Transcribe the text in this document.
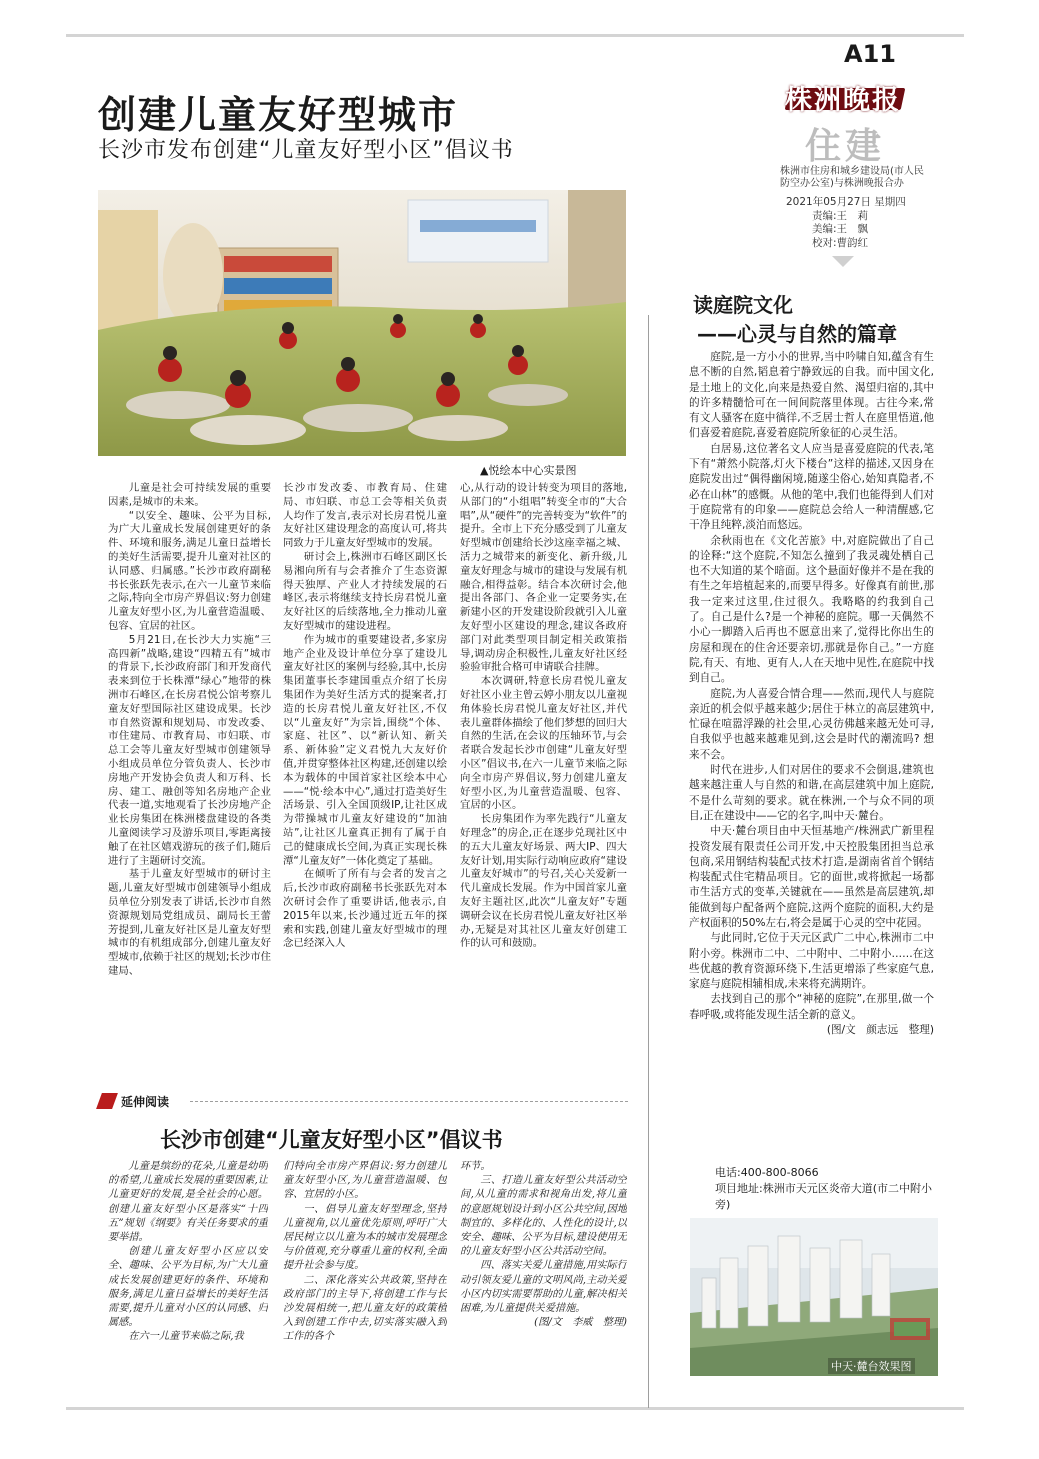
A11
株洲晚报
住建
株洲市住房和城乡建设局(市人民防空办公室)与株洲晚报合办
2021年05月27日 星期四
责编:王　莉
美编:王　飘
校对:曹韵红
创建儿童友好型城市
长沙市发布创建“儿童友好型小区”倡议书
▲悦绘本中心实景图

儿童是社会可持续发展的重要因素,是城市的未来。

“以安全、趣味、公平为目标,为广大儿童成长发展创建更好的条件、环境和服务,满足儿童日益增长的美好生活需要,提升儿童对社区的认同感、归属感。”长沙市政府副秘书长张跃先表示,在六一儿童节来临之际,特向全市房产界倡议:努力创建儿童友好型小区,为儿童营造温暖、包容、宜居的社区。

5月21日,在长沙大力实施“三高四新”战略,建设“四精五有”城市的背景下,长沙政府部门和开发商代表来到位于长株潭“绿心”地带的株洲市石峰区,在长房君悦公馆考察儿童友好型国际社区建设成果。长沙市自然资源和规划局、市发改委、市住建局、市教育局、市妇联、市总工会等儿童友好型城市创建领导小组成员单位分管负责人、长沙市房地产开发协会负责人和万科、长房、建工、融创等知名房地产企业代表一道,实地观看了长沙房地产企业长房集团在株洲楼盘建设的各类儿童阅读学习及游乐项目,零距离接触了在社区嬉戏游玩的孩子们,随后进行了主题研讨交流。

基于儿童友好型城市的研讨主题,儿童友好型城市创建领导小组成员单位分别发表了讲话,长沙市自然资源规划局党组成员、副局长王蕾芳提到,儿童友好社区是儿童友好型城市的有机组成部分,创建儿童友好型城市,依赖于社区的规划;长沙市住建局、

长沙市发改委、市教育局、住建局、市妇联、市总工会等相关负责人均作了发言,表示对长房君悦儿童友好社区建设理念的高度认可,将共同致力于儿童友好型城市的发展。

研讨会上,株洲市石峰区副区长易湘向所有与会者推介了生态资源得天独厚、产业人才持续发展的石峰区,表示将继续支持长房君悦儿童友好社区的后续落地,全力推动儿童友好型城市的建设进程。

作为城市的重要建设者,多家房地产企业及设计单位分享了建设儿童友好社区的案例与经验,其中,长房集团董事长李建国重点介绍了长房集团作为美好生活方式的提案者,打造的长房君悦儿童友好社区,不仅以“儿童友好”为宗旨,围绕“个体、家庭、社区”、以“新认知、新关系、新体验”定义君悦九大友好价值,并贯穿整体社区构建,还创建以绘本为载体的中国首家社区绘本中心——“悦·绘本中心”,通过打造美好生活场景、引入全国顶级IP,让社区成为带操城市儿童友好建设的“加油站”,让社区儿童真正拥有了属于自己的健康成长空间,为真正实现长株潭“儿童友好”一体化奠定了基础。

在倾听了所有与会者的发言之后,长沙市政府副秘书长张跃先对本次研讨会作了重要讲话,他表示,自2015年以来,长沙通过近五年的探索和实践,创建儿童友好型城市的理念已经深入人

心,从行动的设计转变为项目的落地,从部门的“小组唱”转变全市的“大合唱”,从“硬件”的完善转变为“软件”的提升。全市上下充分感受到了儿童友好型城市创建给长沙这座幸福之城、活力之城带来的新变化、新升级,儿童友好理念与城市的建设与发展有机融合,相得益彰。结合本次研讨会,他提出各部门、各企业一定要务实,在新建小区的开发建设阶段就引入儿童友好型小区建设的理念,建议各政府部门对此类型项目制定相关政策指导,调动房企积极性,儿童友好社区经验验审批合格可申请联合挂牌。

本次调研,特意长房君悦儿童友好社区小业主曾云婷小朋友以儿童视角体验长房君悦儿童友好社区,并代表儿童群体描绘了他们梦想的回归大自然的生活,在会议的压轴环节,与会者联合发起长沙市创建“儿童友好型小区”倡议书,在六一儿童节来临之际向全市房产界倡议,努力创建儿童友好型小区,为儿童营造温暖、包容、宜居的小区。

长房集团作为率先践行“儿童友好理念”的房企,正在逐步兑现社区中的五大儿童友好场景、两大IP、四大友好计划,用实际行动响应政府“建设儿童友好城市”的号召,关心关爱新一代儿童成长发展。作为中国首家儿童友好主题社区,此次“儿童友好”专题调研会议在长房君悦儿童友好社区举办,无疑是对其社区儿童友好创建工作的认可和鼓励。

延伸阅读
长沙市创建“儿童友好型小区”倡议书

儿童是缤纷的花朵,儿童是幼明的希望,儿童成长发展的重要因素,让儿童更好的发展,是全社会的心愿。创建儿童友好型小区是落实“十四五”规划《纲要》有关任务要求的重要举措。

创建儿童友好型小区应以安全、趣味、公平为目标,为广大儿童成长发展创建更好的条件、环境和服务,满足儿童日益增长的美好生活需要,提升儿童对小区的认同感、归属感。

在六一儿童节来临之际,我

们特向全市房产界倡议:努力创建儿童友好型小区,为儿童营造温暖、包容、宜居的小区。

一、倡导儿童友好型理念,坚持儿童视角,以儿童优先原则,呼吁广大居民树立以儿童为本的城市发展理念与价值观,充分尊重儿童的权利,全面提升社会参与度。

二、深化落实公共政策,坚持在政府部门的主导下,将创建工作与长沙发展相统一,把儿童友好的政策植入到创建工作中去,切实落实融入到工作的各个

环节。

三、打造儿童友好型公共活动空间,从儿童的需求和视角出发,将儿童的意愿规划设计到小区公共空间,因地制宜的、多样化的、人性化的设计,以安全、趣味、公平为目标,建设使用无的儿童友好型小区公共活动空间。

四、落实关爱儿童措施,用实际行动引领友爱儿童的文明风尚,主动关爱小区内切实需要帮助的儿童,解决相关困难,为儿童提供关爱措施。

(图/文　李威　整理)

读庭院文化
——心灵与自然的篇章

庭院,是一方小小的世界,当中吟啸自知,蕴含有生息不断的自然,韬息着宁静致远的自我。而中国文化,是土地上的文化,向来是热爱自然、渴望归宿的,其中的许多精髓恰可在一间间院落里体现。古往今来,常有文人骚客在庭中徜徉,不乏居士哲人在庭里悟道,他们喜爱着庭院,喜爱着庭院所象征的心灵生活。

白居易,这位著名文人应当是喜爱庭院的代表,笔下有“萧然小院落,灯火下楼台”这样的描述,又因身在庭院发出过“偶得幽闲境,随遂尘俗心,始知真隐者,不必在山林”的感慨。从他的笔中,我们也能得到人们对于庭院常有的印象——庭院总会给人一种清醒感,它干净且纯粹,淡泊而悠远。

余秋雨也在《文化苦旅》中,对庭院做出了自己的诠释:“这个庭院,不知怎么撞到了我灵魂处栖自己也不大知道的某个暗面。这个悬面好像并不是在我的有生之年培植起来的,而要早得多。好像真有前世,那我一定来过这里,住过很久。我略略的约我到自己了。自己是什么?是一个神秘的庭院。哪一天偶然不小心一脚踏入后再也不愿意出来了,觉得比你出生的房屋和现在的住舍还要亲切,那就是你自己。”一方庭院,有天、有地、更有人,人在天地中见性,在庭院中找到自己。

庭院,为人喜爱合情合理——然而,现代人与庭院亲近的机会似乎越来越少;居住于林立的高层建筑中,忙碌在喧嚣浮躁的社会里,心灵彷佛越来越无处可寻,自我似乎也越来越难见到,这会是时代的潮流吗? 想来不会。

时代在进步,人们对居住的要求不会倒退,建筑也越来越注重人与自然的和谐,在高层建筑中加上庭院,不是什么苛刻的要求。就在株洲,一个与众不同的项目,正在建设中——它的名字,叫中天·麓台。

中天·麓台项目由中天恒基地产/株洲武广新里程投资发展有限责任公司开发,中天控股集团担当总承包商,采用钢结构装配式技术打造,是湖南省首个钢结构装配式住宅精品项目。它的面世,或将掀起一场都市生活方式的变革,关键就在——虽然是高层建筑,却能做到每户配备两个庭院,这两个庭院的面积,大约是产权面积的50%左右,将会是属于心灵的空中花园。

与此同时,它位于天元区武广二中心,株洲市二中附小旁。株洲市二中、二中附中、二中附小……在这些优越的教育资源环绕下,生活更增添了些家庭气息,家庭与庭院相辅相成,未来将充满期许。

去找到自己的那个“神秘的庭院”,在那里,做一个春呼吸,或将能发现生活全新的意义。

(图/文　颜志远　整理)

电话:400-800-8066
项目地址:株洲市天元区炎帝大道(市二中附小旁)
中天·麓台效果图
